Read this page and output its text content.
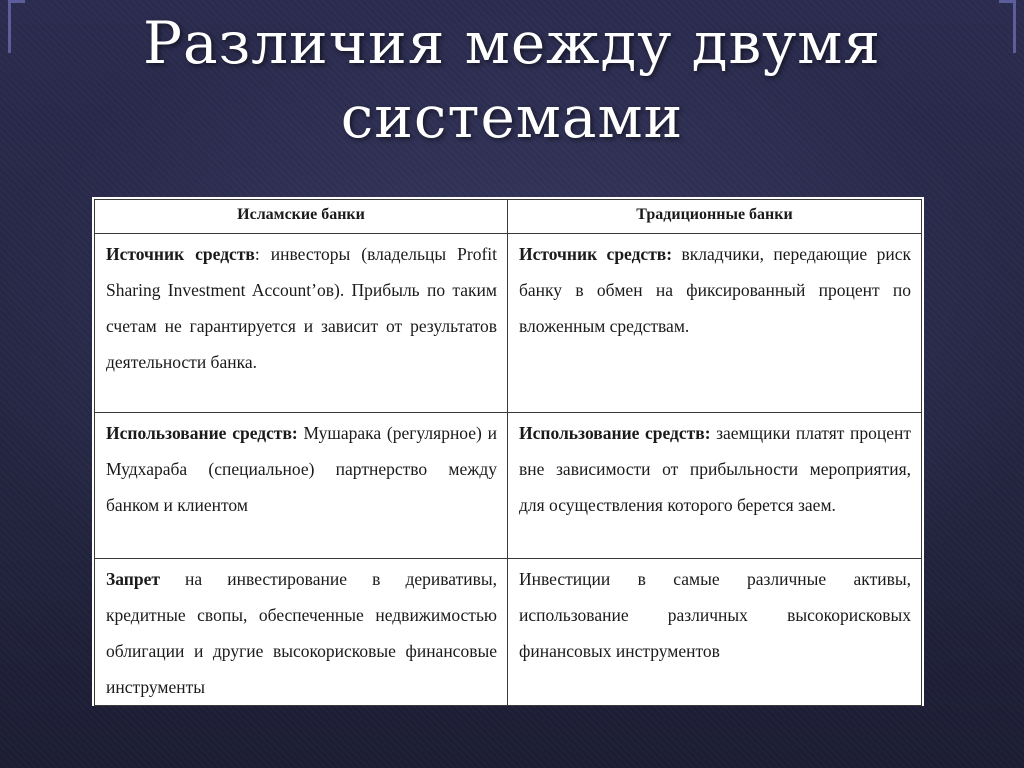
Различия между двумя
системами
Исламские банки	Традиционные банки
Источник средств: инвесторы (владельцы Profit Sharing Investment Account’ов). Прибыль по таким счетам не гарантируется и зависит от результатов деятельности банка.	Источник средств: вкладчики, передающие риск банку в обмен на фиксированный процент по вложенным средствам.
Использование средств: Мушарака (регулярное) и Мудхараба (специальное) партнерство между банком и клиентом	Использование средств: заемщики платят процент вне зависимости от прибыльности мероприятия, для осуществления которого берется заем.
Запрет на инвестирование в деривативы, кредитные свопы, обеспеченные недвижимостью облигации и другие высокорисковые финансовые инструменты	Инвестиции в самые различные активы, использование различных высокорисковых финансовых инструментов
